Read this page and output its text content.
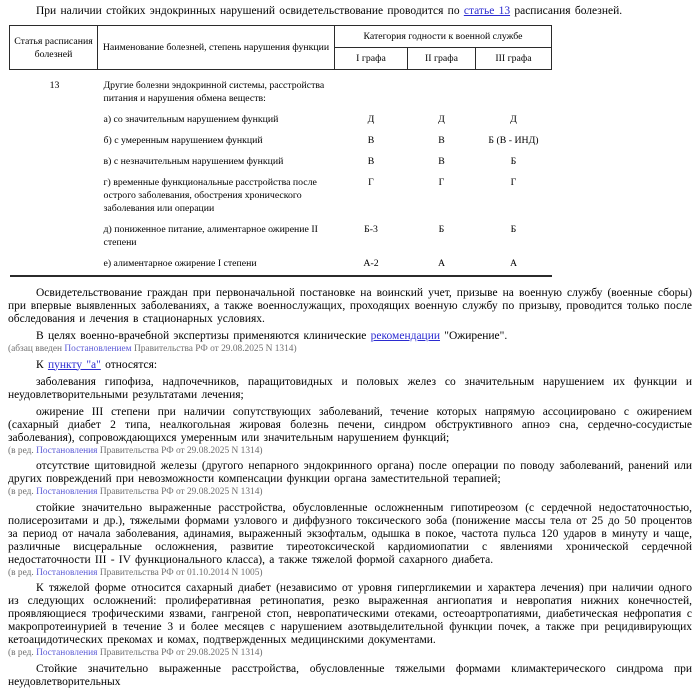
При наличии стойких эндокринных нарушений освидетельствование проводится по статье 13 расписания болезней.

Статья расписания болезней	Наименование болезней, степень нарушения функции	Категория годности к военной службе		
		I графа	II графа	III графа
13	Другие болезни эндокринной системы, расстройства питания и нарушения обмена веществ:			
	а) со значительным нарушением функций	Д	Д	Д
	б) с умеренным нарушением функций	В	В	Б (В - ИНД)
	в) с незначительным нарушением функций	В	В	Б
	г) временные функциональные расстройства после острого заболевания, обострения хронического заболевания или операции	Г	Г	Г
	д) пониженное питание, алиментарное ожирение II степени	Б-3	Б	Б
	е) алиментарное ожирение I степени	А-2	А	А

Освидетельствование граждан при первоначальной постановке на воинский учет, призыве на военную службу (военные сборы) при впервые выявленных заболеваниях, а также военнослужащих, проходящих военную службу по призыву, проводится только после обследования и лечения в стационарных условиях.

В целях военно-врачебной экспертизы применяются клинические рекомендации "Ожирение".

(абзац введен Постановлением Правительства РФ от 29.08.2025 N 1314)

К пункту "а" относятся:

заболевания гипофиза, надпочечников, паращитовидных и половых желез со значительным нарушением их функции и неудовлетворительными результатами лечения;

ожирение III степени при наличии сопутствующих заболеваний, течение которых напрямую ассоциировано с ожирением (сахарный диабет 2 типа, неалкогольная жировая болезнь печени, синдром обструктивного апноэ сна, сердечно-сосудистые заболевания), сопровождающихся умеренным или значительным нарушением функций;

(в ред. Постановления Правительства РФ от 29.08.2025 N 1314)

отсутствие щитовидной железы (другого непарного эндокринного органа) после операции по поводу заболеваний, ранений или других повреждений при невозможности компенсации функции органа заместительной терапией;

(в ред. Постановления Правительства РФ от 29.08.2025 N 1314)

стойкие значительно выраженные расстройства, обусловленные осложненным гипотиреозом (с сердечной недостаточностью, полисерозитами и др.), тяжелыми формами узлового и диффузного токсического зоба (понижение массы тела от 25 до 50 процентов за период от начала заболевания, адинамия, выраженный экзофтальм, одышка в покое, частота пульса 120 ударов в минуту и чаще, различные висцеральные осложнения, развитие тиреотоксической кардиомиопатии с явлениями хронической сердечной недостаточности III - IV функционального класса), а также тяжелой формой сахарного диабета.

(в ред. Постановления Правительства РФ от 01.10.2014 N 1005)

К тяжелой форме относится сахарный диабет (независимо от уровня гипергликемии и характера лечения) при наличии одного из следующих осложнений: пролиферативная ретинопатия, резко выраженная ангиопатия и невропатия нижних конечностей, проявляющиеся трофическими язвами, гангреной стоп, невропатическими отеками, остеоартропатиями, диабетическая нефропатия с макропротеинурией в течение 3 и более месяцев с нарушением азотвыделительной функции почек, а также при рецидивирующих кетоацидотических прекомах и комах, подтвержденных медицинскими документами.

(в ред. Постановления Правительства РФ от 29.08.2025 N 1314)

Стойкие значительно выраженные расстройства, обусловленные тяжелыми формами климактерического синдрома при неудовлетворительных
